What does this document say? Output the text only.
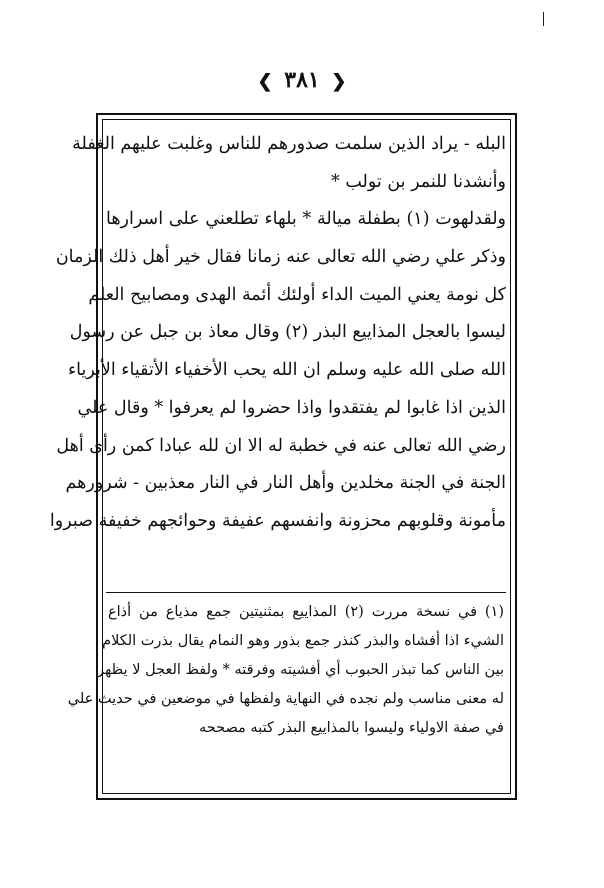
❮ ٣٨١ ❯
البله - يراد الذين سلمت صدورهم للناس وغلبت عليهم الغفلة
وأنشدنا للنمر بن تولب *
ولقدلهوت (١) بطفلة ميالة * بلهاء تطلعني على اسرارها
وذكر علي رضي الله تعالى عنه زمانا فقال خير أهل ذلك الزمان
كل نومة يعني الميت الداء أولئك أئمة الهدى ومصابيح العلم
ليسوا بالعجل المذاييع البذر (٢) وقال معاذ بن جبل عن رسول
الله صلى الله عليه وسلم ان الله يحب الأخفياء الأتقياء الأبرياء
الذين اذا غابوا لم يفتقدوا واذا حضروا لم يعرفوا * وقال علي
رضي الله تعالى عنه في خطبة له الا ان لله عبادا كمن رأى أهل
الجنة في الجنة مخلدين وأهل النار في النار معذبين - شرورهم
مأمونة وقلوبهم محزونة وانفسهم عفيفة وحوائجهم خفيفة صبروا
(١) في نسخة مررت (٢) المذاييع بمثنيتين جمع مذياع من أذاع
الشيء اذا أفشاه والبذر كنذر جمع بذور وهو النمام يقال بذرت الكلام
بين الناس كما تبذر الحبوب أي أفشيته وفرقته * ولفظ العجل لا يظهر
له معنى مناسب ولم نجده في النهاية ولفظها في موضعين في حديث علي
في صفة الاولياء وليسوا بالمذاييع البذر كتبه مصححه
